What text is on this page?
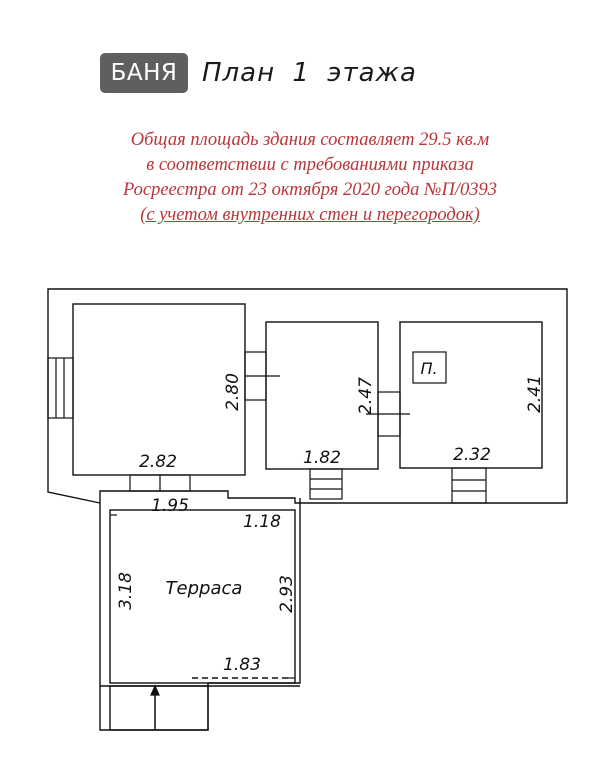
БАНЯ План 1 этажа
Общая площадь здания составляет 29.5 кв.м
в соответствии с требованиями приказа
Росреестра от 23 октября 2020 года №П/0393
(с учетом внутренних стен и перегородок)
2.80
2.82
2.47
1.82
2.41
2.32
1.95
1.18
3.18	2.93
1.83
Терраса
П.
